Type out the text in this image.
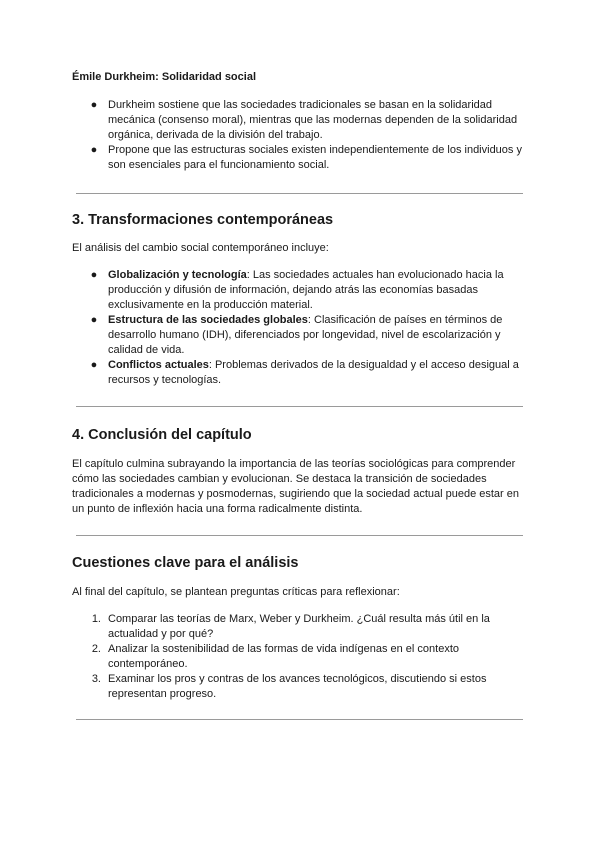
Émile Durkheim: Solidaridad social
● Durkheim sostiene que las sociedades tradicionales se basan en la solidaridad mecánica (consenso moral), mientras que las modernas dependen de la solidaridad orgánica, derivada de la división del trabajo.
● Propone que las estructuras sociales existen independientemente de los individuos y son esenciales para el funcionamiento social.
3. Transformaciones contemporáneas

El análisis del cambio social contemporáneo incluye:

● Globalización y tecnología: Las sociedades actuales han evolucionado hacia la producción y difusión de información, dejando atrás las economías basadas exclusivamente en la producción material.
● Estructura de las sociedades globales: Clasificación de países en términos de desarrollo humano (IDH), diferenciados por longevidad, nivel de escolarización y calidad de vida.
● Conflictos actuales: Problemas derivados de la desigualdad y el acceso desigual a recursos y tecnologías.
4. Conclusión del capítulo

El capítulo culmina subrayando la importancia de las teorías sociológicas para comprender cómo las sociedades cambian y evolucionan. Se destaca la transición de sociedades tradicionales a modernas y posmodernas, sugiriendo que la sociedad actual puede estar en un punto de inflexión hacia una forma radicalmente distinta.

Cuestiones clave para el análisis

Al final del capítulo, se plantean preguntas críticas para reflexionar:

1. Comparar las teorías de Marx, Weber y Durkheim. ¿Cuál resulta más útil en la actualidad y por qué?
2. Analizar la sostenibilidad de las formas de vida indígenas en el contexto contemporáneo.
3. Examinar los pros y contras de los avances tecnológicos, discutiendo si estos representan progreso.
